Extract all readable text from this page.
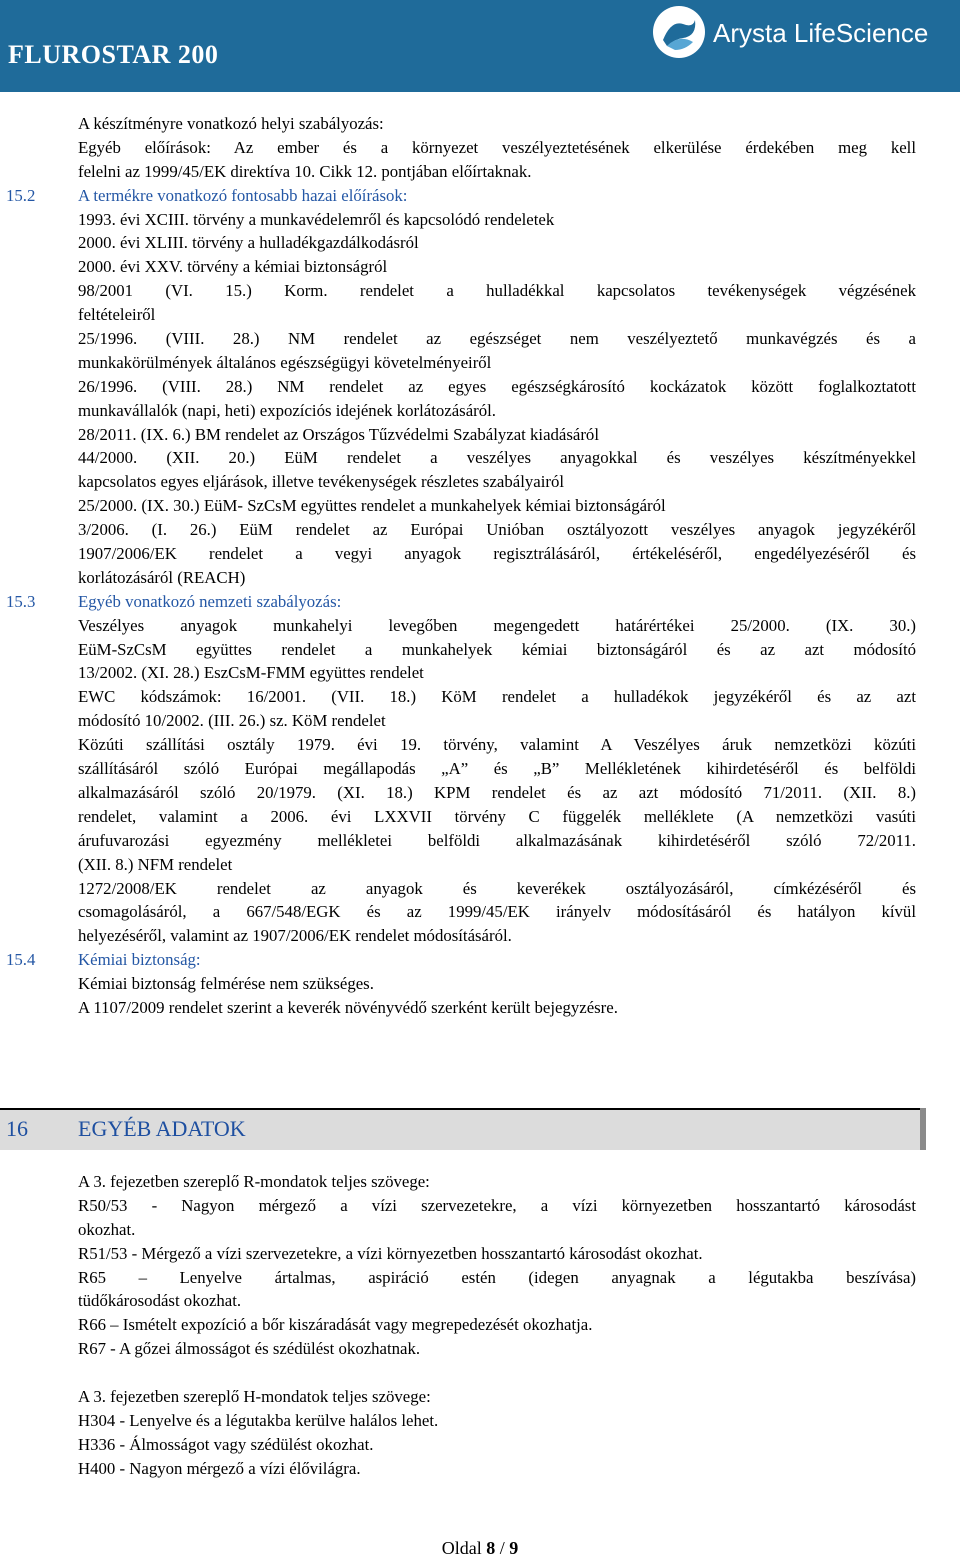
FLUROSTAR 200
Arysta LifeScience
A készítményre vonatkozó helyi szabályozás:
Egyéb előírások: Az ember és a környezet veszélyeztetésének elkerülése érdekében meg kell
felelni az 1999/45/EK direktíva 10. Cikk 12. pontjában előírtaknak.
15.2	A termékre vonatkozó fontosabb hazai előírások:
1993. évi XCIII. törvény a munkavédelemről és kapcsolódó rendeletek
2000. évi XLIII. törvény a hulladékgazdálkodásról
2000. évi XXV. törvény a kémiai biztonságról
98/2001 (VI. 15.) Korm. rendelet a hulladékkal kapcsolatos tevékenységek végzésének
feltételeiről
25/1996. (VIII. 28.) NM rendelet az egészséget nem veszélyeztető munkavégzés és a
munkakörülmények általános egészségügyi követelményeiről
26/1996. (VIII. 28.) NM rendelet az egyes egészségkárosító kockázatok között foglalkoztatott
munkavállalók (napi, heti) expozíciós idejének korlátozásáról.
28/2011. (IX. 6.) BM rendelet az Országos Tűzvédelmi Szabályzat kiadásáról
44/2000. (XII. 20.) EüM rendelet a veszélyes anyagokkal és veszélyes készítményekkel
kapcsolatos egyes eljárások, illetve tevékenységek részletes szabályairól
25/2000. (IX. 30.) EüM- SzCsM együttes rendelet a munkahelyek kémiai biztonságáról
3/2006. (I. 26.) EüM rendelet az Európai Unióban osztályozott veszélyes anyagok jegyzékéről
1907/2006/EK rendelet a vegyi anyagok regisztrálásáról, értékeléséről, engedélyezéséről és
korlátozásáról (REACH)
15.3	Egyéb vonatkozó nemzeti szabályozás:
Veszélyes anyagok munkahelyi levegőben megengedett határértékei 25/2000. (IX. 30.)
EüM-SzCsM együttes rendelet a munkahelyek kémiai biztonságáról és az azt módosító
13/2002. (XI. 28.) EszCsM-FMM együttes rendelet
EWC kódszámok: 16/2001. (VII. 18.) KöM rendelet a hulladékok jegyzékéről és az azt
módosító 10/2002. (III. 26.) sz. KöM rendelet
Közúti szállítási osztály 1979. évi 19. törvény, valamint A Veszélyes áruk nemzetközi közúti
szállításáról szóló Európai megállapodás „A” és „B” Mellékletének kihirdetéséről és belföldi
alkalmazásáról szóló 20/1979. (XI. 18.) KPM rendelet és az azt módosító 71/2011. (XII. 8.)
rendelet, valamint a 2006. évi LXXVII törvény C függelék melléklete (A nemzetközi vasúti
árufuvarozási egyezmény mellékletei belföldi alkalmazásának kihirdetéséről szóló 72/2011.
(XII. 8.) NFM rendelet
1272/2008/EK rendelet az anyagok és keverékek osztályozásáról, címkézéséről és
csomagolásáról, a 667/548/EGK és az 1999/45/EK irányelv módosításáról és hatályon kívül
helyezéséről, valamint az 1907/2006/EK rendelet módosításáról.
15.4	Kémiai biztonság:
Kémiai biztonság felmérése nem szükséges.
A 1107/2009 rendelet szerint a keverék növényvédő szerként került bejegyzésre.
16 EGYÉB ADATOK
A 3. fejezetben szereplő R-mondatok teljes szövege:
R50/53 - Nagyon mérgező a vízi szervezetekre, a vízi környezetben hosszantartó károsodást
okozhat.
R51/53 - Mérgező a vízi szervezetekre, a vízi környezetben hosszantartó károsodást okozhat.
R65 – Lenyelve ártalmas, aspiráció estén (idegen anyagnak a légutakba beszívása)
tüdőkárosodást okozhat.
R66 – Ismételt expozíció a bőr kiszáradását vagy megrepedezését okozhatja.
R67 - A gőzei álmosságot és szédülést okozhatnak.
A 3. fejezetben szereplő H-mondatok teljes szövege:
H304 - Lenyelve és a légutakba kerülve halálos lehet.
H336 - Álmosságot vagy szédülést okozhat.
H400 - Nagyon mérgező a vízi élővilágra.
Oldal 8 / 9
